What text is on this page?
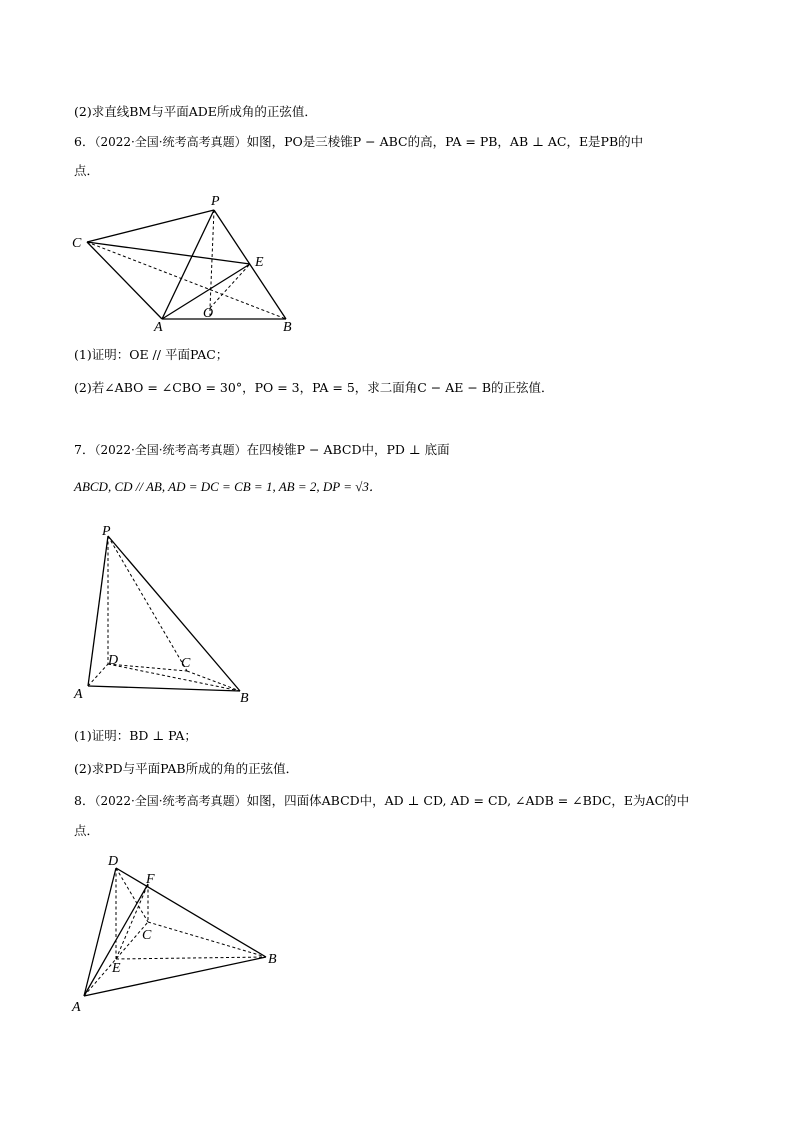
(2)求直线BM与平面ADE所成角的正弦值．
6．（2022·全国·统考高考真题）如图，PO是三棱锥P − ABC的高，PA = PB，AB ⊥ AC，E是PB的中
点．
P
C
E
A
O
B
(1)证明：OE // 平面PAC；
(2)若∠ABO = ∠CBO = 30°，PO = 3，PA = 5，求二面角C − AE − B的正弦值．
7．（2022·全国·统考高考真题）在四棱锥P − ABCD中，PD ⊥ 底面
ABCD, CD // AB, AD = DC = CB = 1, AB = 2, DP = √3．
P
D	C
A	B
(1)证明：BD ⊥ PA；
(2)求PD与平面PAB所成的角的正弦值．
8．（2022·全国·统考高考真题）如图，四面体ABCD中，AD ⊥ CD, AD = CD, ∠ADB = ∠BDC，E为AC的中
点．
D
F
C
E
B
A
